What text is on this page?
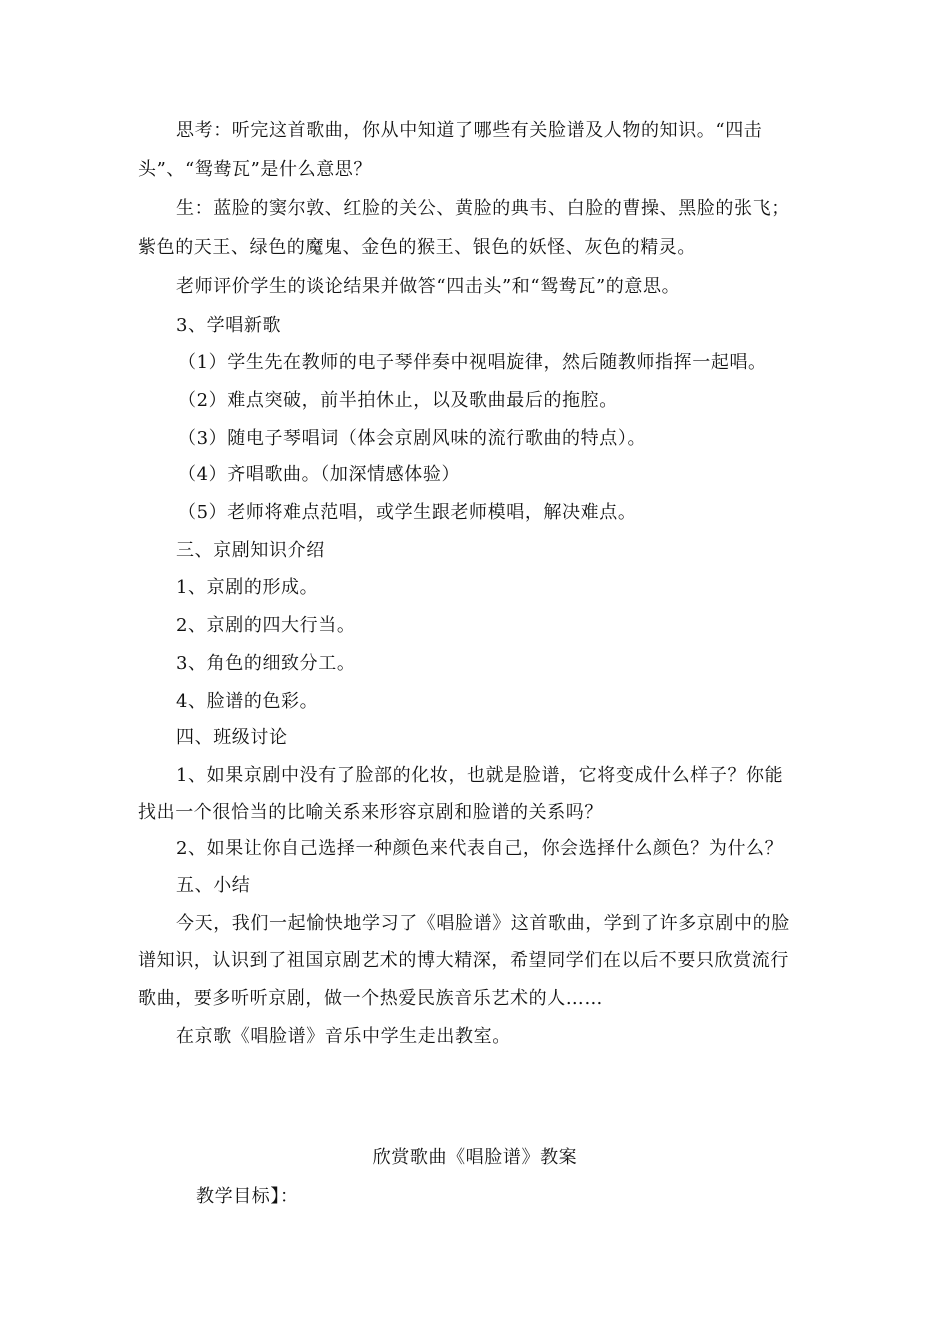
思考：听完这首歌曲，你从中知道了哪些有关脸谱及人物的知识。“四击
头”、“鸳鸯瓦”是什么意思？
生：蓝脸的窦尔敦、红脸的关公、黄脸的典韦、白脸的曹操、黑脸的张飞；
紫色的天王、绿色的魔鬼、金色的猴王、银色的妖怪、灰色的精灵。
老师评价学生的谈论结果并做答“四击头”和“鸳鸯瓦”的意思。
3、学唱新歌
（1）学生先在教师的电子琴伴奏中视唱旋律，然后随教师指挥一起唱。
（2）难点突破，前半拍休止，以及歌曲最后的拖腔。
（3）随电子琴唱词（体会京剧风味的流行歌曲的特点）。
（4）齐唱歌曲。（加深情感体验）
（5）老师将难点范唱，或学生跟老师模唱，解决难点。
三、京剧知识介绍
1、京剧的形成。
2、京剧的四大行当。
3、角色的细致分工。
4、脸谱的色彩。
四、班级讨论
1、如果京剧中没有了脸部的化妆，也就是脸谱，它将变成什么样子？你能
找出一个很恰当的比喻关系来形容京剧和脸谱的关系吗？
2、如果让你自己选择一种颜色来代表自己，你会选择什么颜色？为什么？
五、小结
今天，我们一起愉快地学习了《唱脸谱》这首歌曲，学到了许多京剧中的脸
谱知识，认识到了祖国京剧艺术的博大精深，希望同学们在以后不要只欣赏流行
歌曲，要多听听京剧，做一个热爱民族音乐艺术的人……
在京歌《唱脸谱》音乐中学生走出教室。
欣赏歌曲《唱脸谱》教案
教学目标】：
